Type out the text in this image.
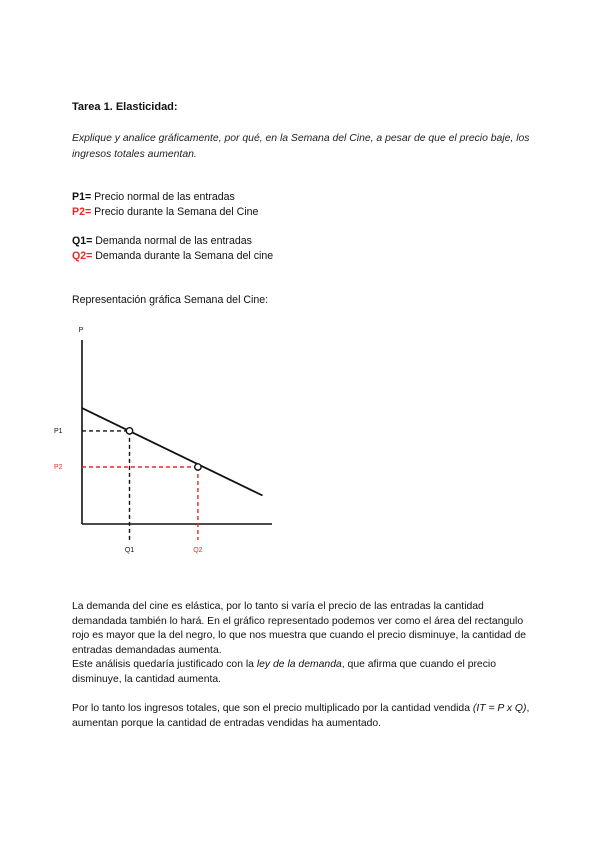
Tarea 1. Elasticidad:
Explique y analice gráficamente, por qué, en la Semana del Cine, a pesar de que el precio baje, los ingresos totales aumentan.
P1= Precio normal de las entradas
P2= Precio durante la Semana del Cine
Q1= Demanda normal de las entradas
Q2= Demanda durante la Semana del cine
Representación gráfica Semana del Cine:
P
P1
Q1
P2
Q2
La demanda del cine es elástica, por lo tanto si varía el precio de las entradas la cantidad demandada también lo hará. En el gráfico representado podemos ver como el área del rectangulo rojo es mayor que la del negro, lo que nos muestra que cuando el precio disminuye, la cantidad de entradas demandadas aumenta.
Este análisis quedaría justificado con la ley de la demanda, que afirma que cuando el precio disminuye, la cantidad aumenta.
Por lo tanto los ingresos totales, que son el precio multiplicado por la cantidad vendida (IT = P x Q), aumentan porque la cantidad de entradas vendidas ha aumentado.
